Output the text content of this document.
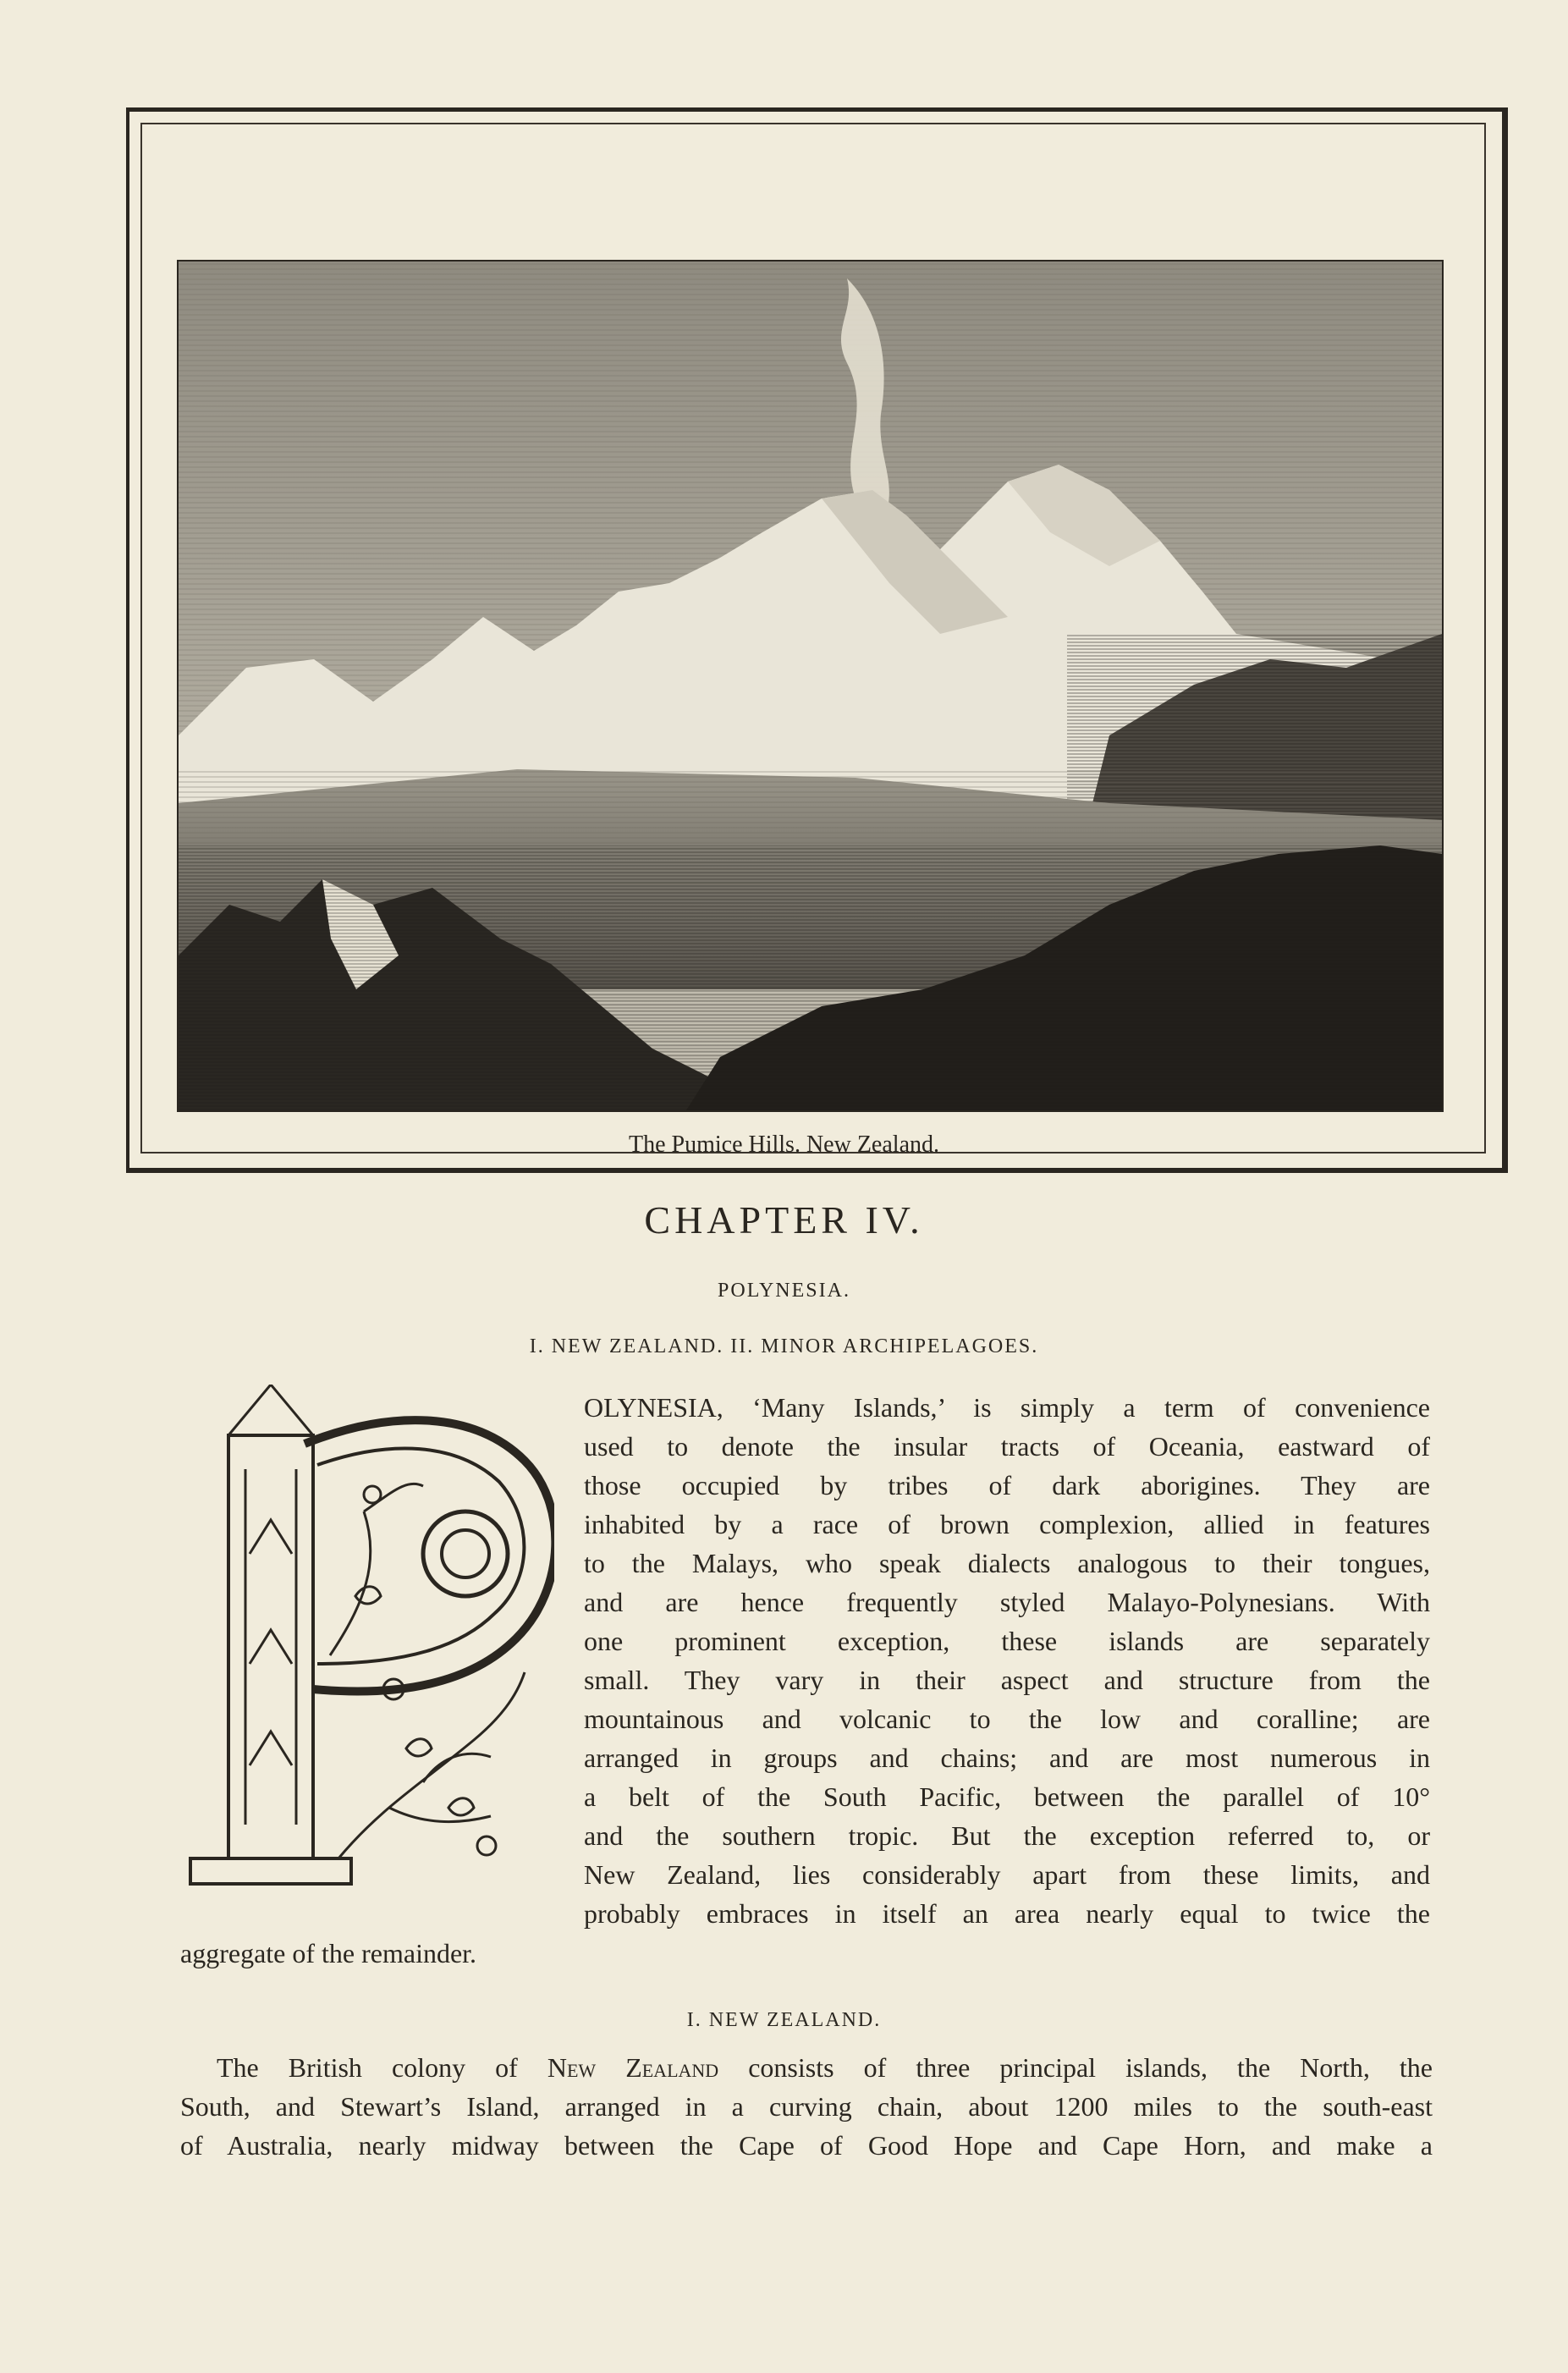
The Pumice Hills. New Zealand.
CHAPTER IV.
POLYNESIA.
I. NEW ZEALAND. II. MINOR ARCHIPELAGOES.
OLYNESIA, ‘Many Islands,’ is simply a term of convenience
used to denote the insular tracts of Oceania, eastward of
those occupied by tribes of dark aborigines. They are
inhabited by a race of brown complexion, allied in features
to the Malays, who speak dialects analogous to their tongues,
and are hence frequently styled Malayo-Polynesians. With
one prominent exception, these islands are separately
small. They vary in their aspect and structure from the
mountainous and volcanic to the low and coralline; are
arranged in groups and chains; and are most numerous in
a belt of the South Pacific, between the parallel of 10°
and the southern tropic. But the exception referred to, or
New Zealand, lies considerably apart from these limits, and
probably embraces in itself an area nearly equal to twice the
aggregate of the remainder.
I. NEW ZEALAND.
The British colony of New Zealand consists of three principal islands, the North, the
South, and Stewart’s Island, arranged in a curving chain, about 1200 miles to the south-east
of Australia, nearly midway between the Cape of Good Hope and Cape Horn, and make a
